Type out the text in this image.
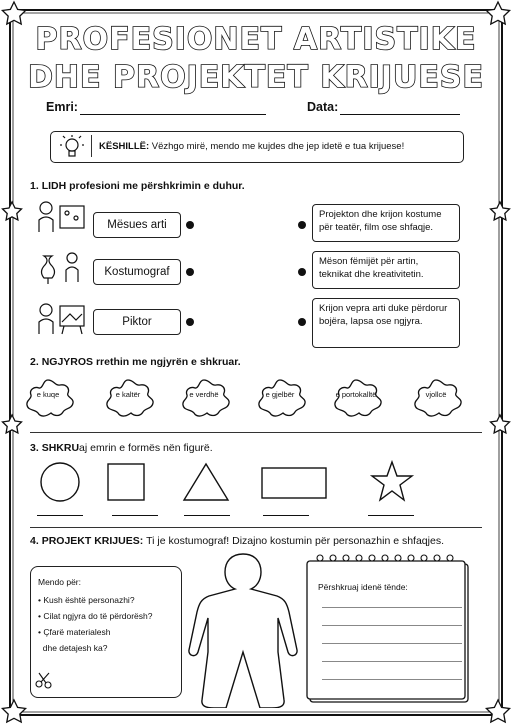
PROFESIONET ARTISTIKE
DHE PROJEKTET KRIJUESE
Emri:	Data:
KËSHILLË: Vëzhgo mirë, mendo me kujdes dhe jep idetë e tua krijuese!
1. LIDH profesioni me përshkrimin e duhur.
Mësues arti
Kostumograf
Piktor
Projekton dhe krijon kostume për teatër, film ose shfaqje.
Mëson fëmijët për artin, teknikat dhe kreativitetin.
Krijon vepra arti duke përdorur bojëra, lapsa ose ngjyra.
2. NGJYROS rrethin me ngjyrën e shkruar.
e kuqe	e kaltër	e verdhë	e gjelbër	e portokalltë	vjollcë
3. SHKRUaj emrin e formës nën figurë.
4. PROJEKT KRIJUES: Ti je kostumograf! Dizajno kostumin për personazhin e shfaqjes.
Mendo për:
• Kush është personazhi?
• Cilat ngjyra do të përdorësh?
• Çfarë materialesh
dhe detajesh ka?
Përshkruaj idenë tënde:
